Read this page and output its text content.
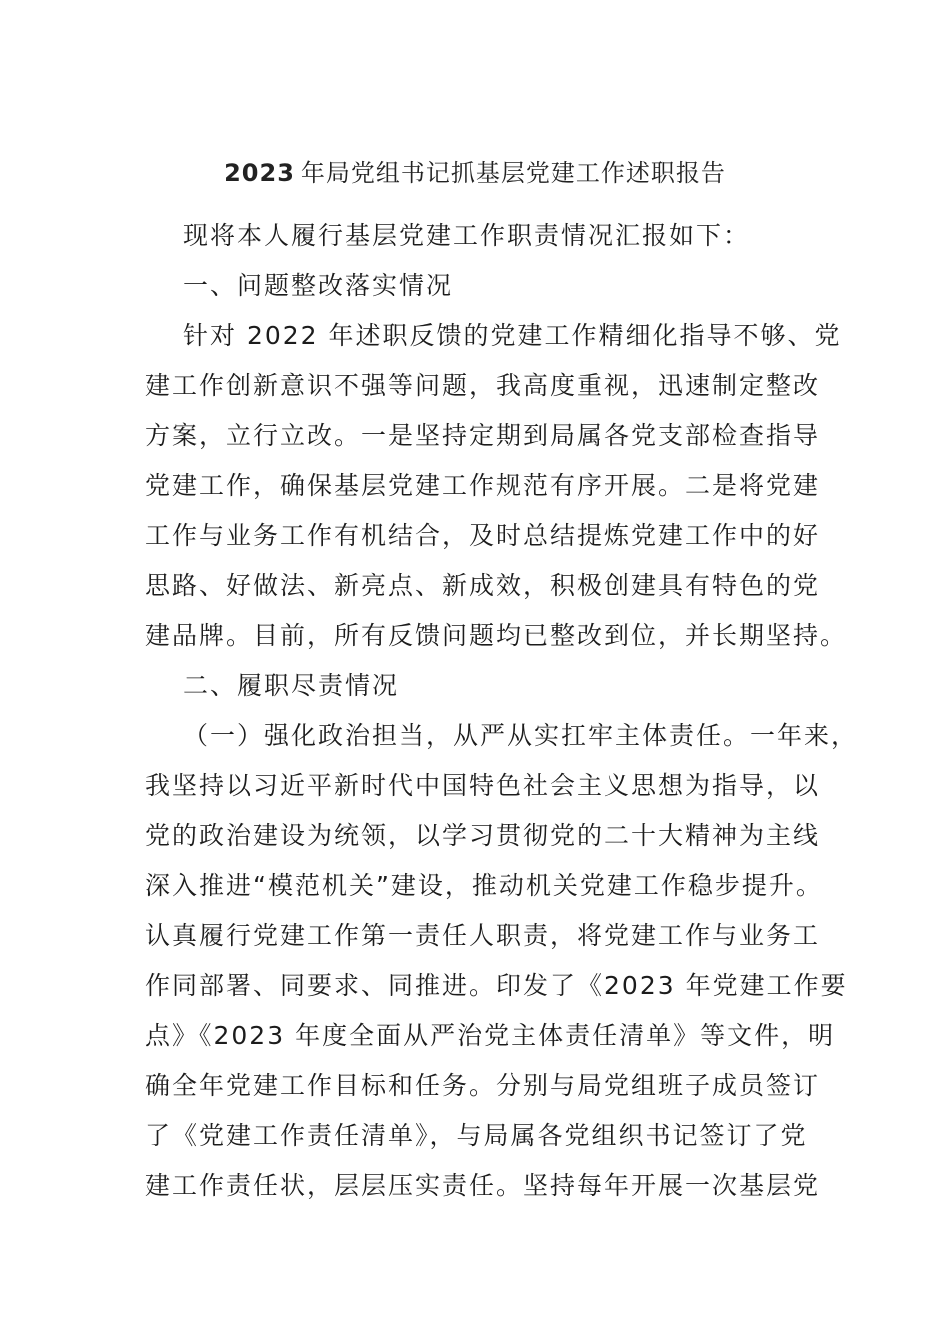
2023 年局党组书记抓基层党建工作述职报告
现将本人履行基层党建工作职责情况汇报如下：
一、问题整改落实情况
针对 2022 年述职反馈的党建工作精细化指导不够、党
建工作创新意识不强等问题，我高度重视，迅速制定整改
方案，立行立改。一是坚持定期到局属各党支部检查指导
党建工作，确保基层党建工作规范有序开展。二是将党建
工作与业务工作有机结合，及时总结提炼党建工作中的好
思路、好做法、新亮点、新成效，积极创建具有特色的党
建品牌。目前，所有反馈问题均已整改到位，并长期坚持。
二、履职尽责情况
（一）强化政治担当，从严从实扛牢主体责任。一年来，
我坚持以习近平新时代中国特色社会主义思想为指导，以
党的政治建设为统领，以学习贯彻党的二十大精神为主线
深入推进“模范机关”建设，推动机关党建工作稳步提升。
认真履行党建工作第一责任人职责，将党建工作与业务工
作同部署、同要求、同推进。印发了《2023 年党建工作要
点》《2023 年度全面从严治党主体责任清单》等文件，明
确全年党建工作目标和任务。分别与局党组班子成员签订
了《党建工作责任清单》，与局属各党组织书记签订了党
建工作责任状，层层压实责任。坚持每年开展一次基层党
